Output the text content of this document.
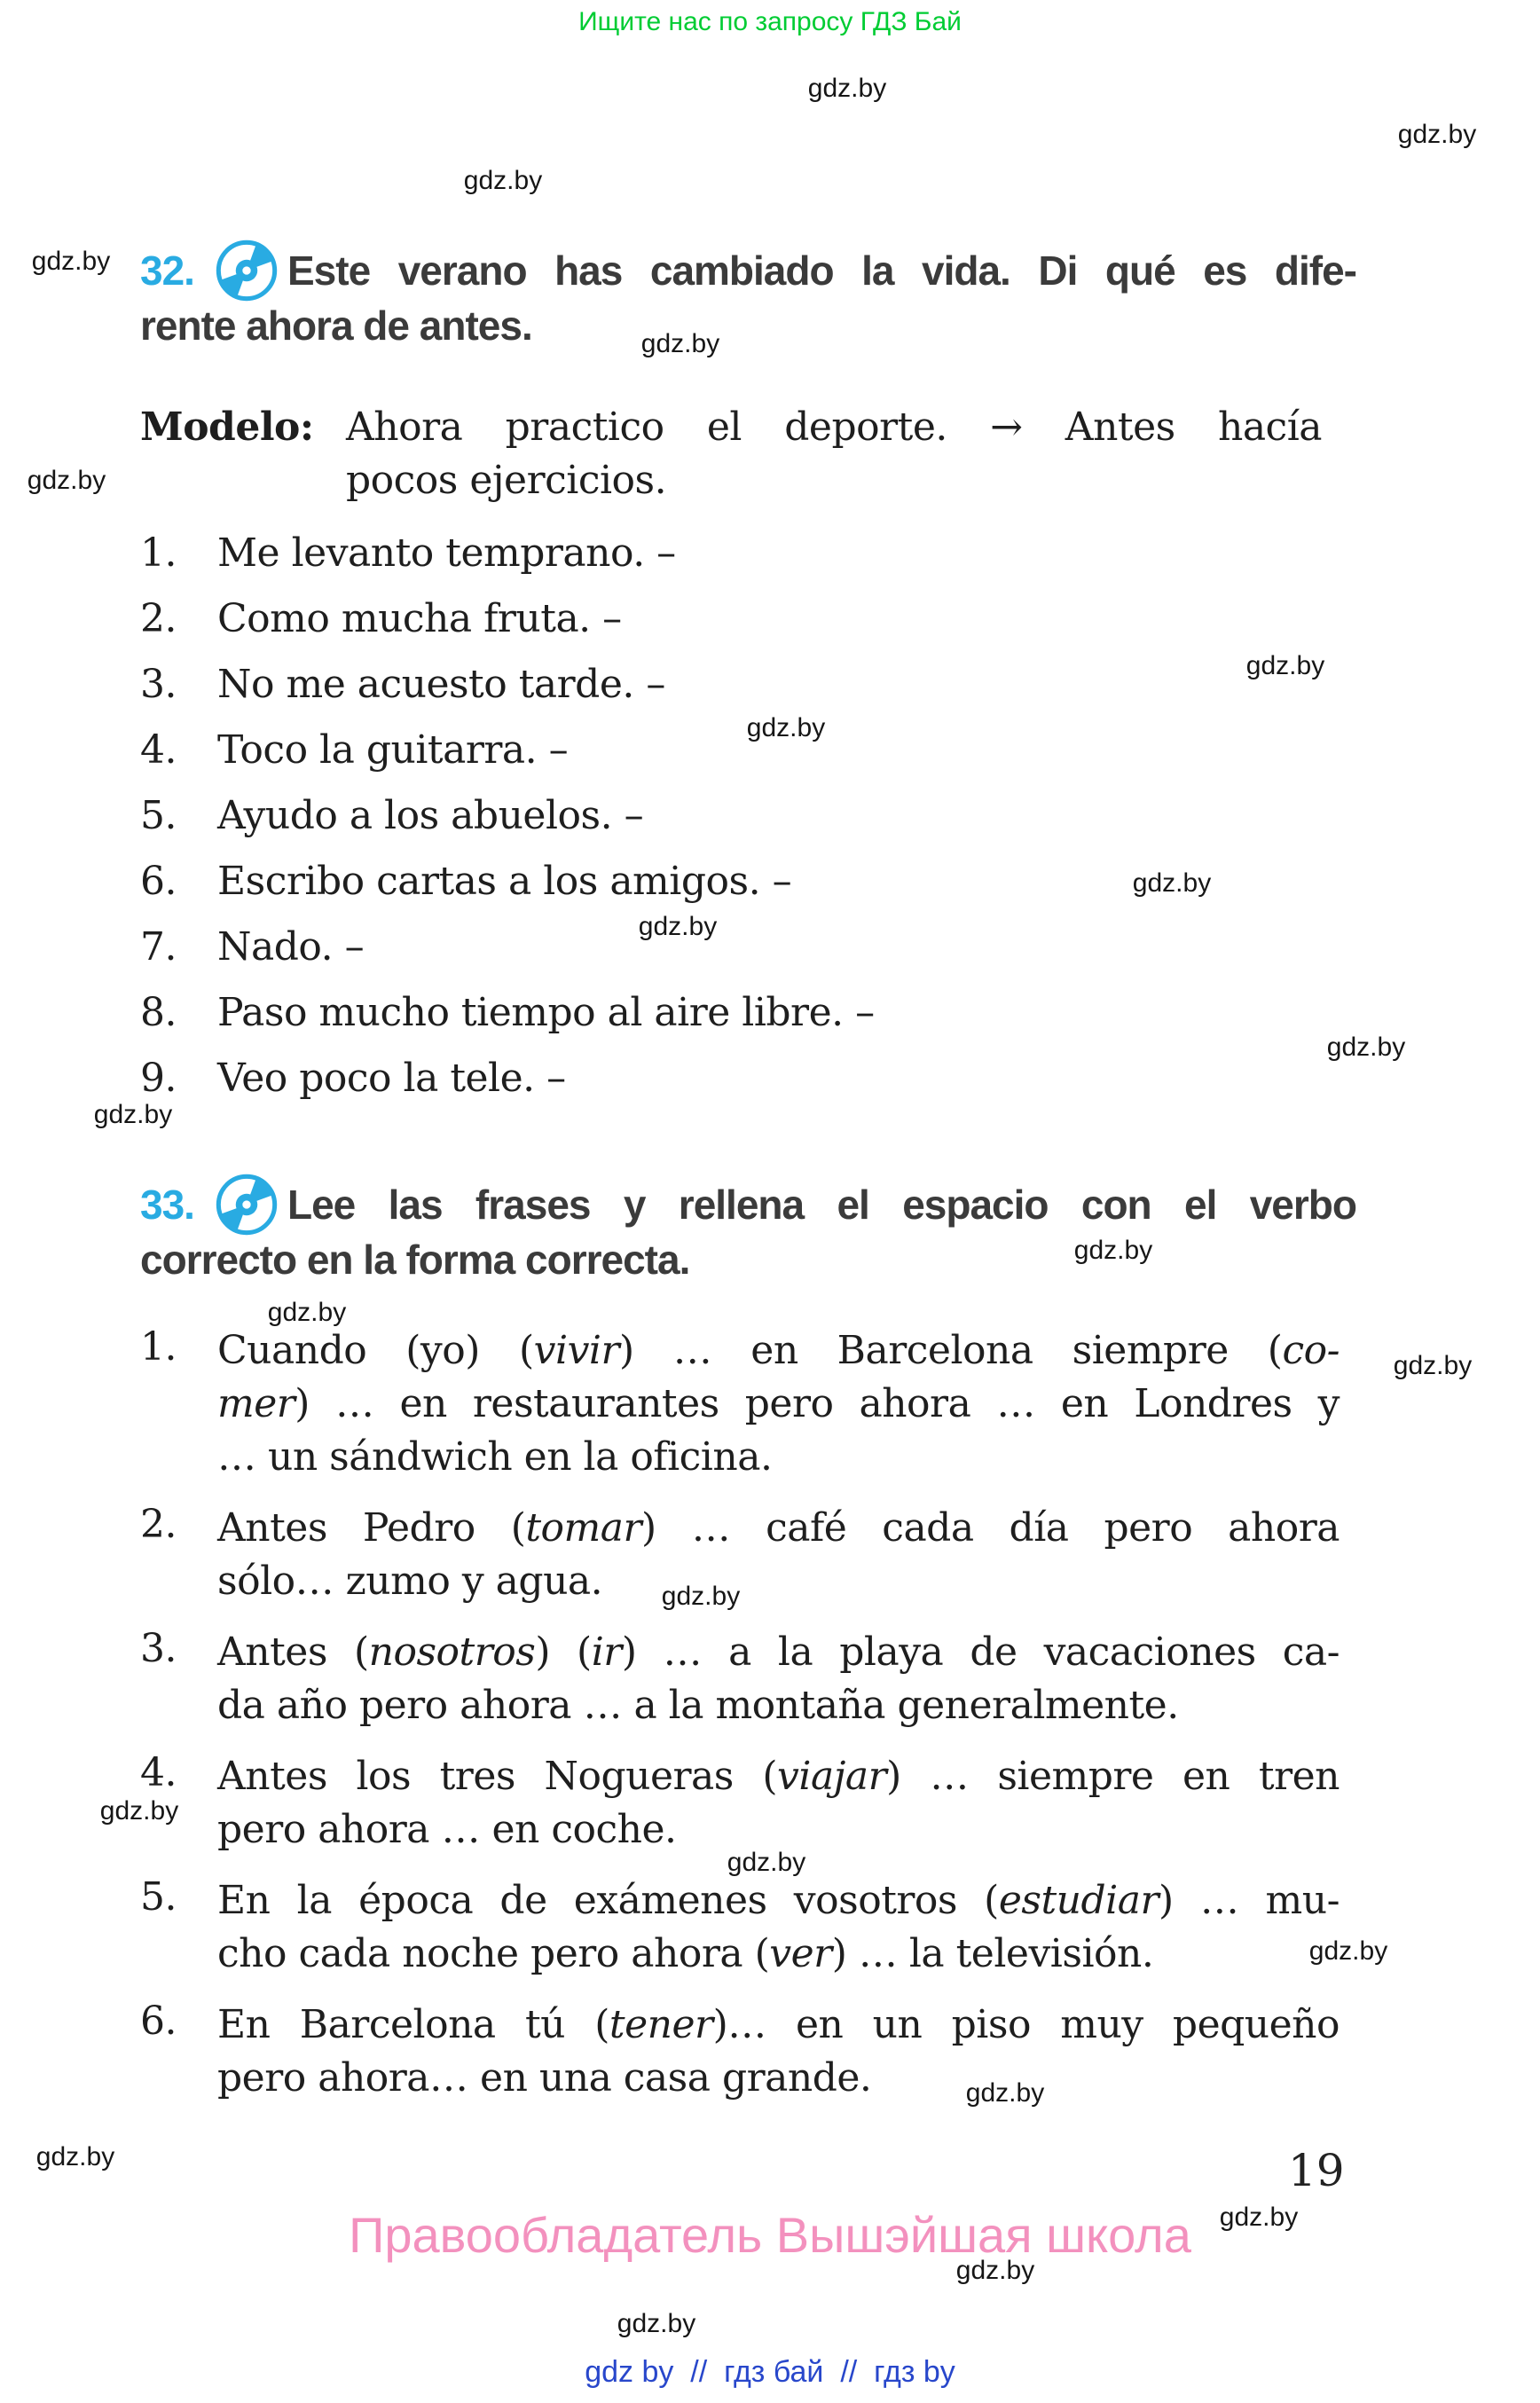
Ищите нас по запросу ГДЗ Бай
gdz.by
gdz.by
gdz.by
gdz.by
gdz.by
gdz.by
gdz.by
gdz.by
gdz.by
gdz.by
gdz.by
gdz.by
gdz.by
gdz.by
gdz.by
gdz.by
gdz.by
gdz.by
gdz.by
gdz.by
gdz.by
gdz.by
gdz.by
gdz.by
32.	Este verano has cambiado la vida. Di qué es dife-
rente ahora de antes.
Modelo: Ahora practico el deporte. → Antes hacía
pocos ejercicios.
1.	Me levanto temprano. –
2.	Como mucha fruta. –
3.	No me acuesto tarde. –
4.	Toco la guitarra. –
5.	Ayudo a los abuelos. –
6.	Escribo cartas a los amigos. –
7.	Nado. –
8.	Paso mucho tiempo al aire libre. –
9.	Veo poco la tele. –
33.	Lee las frases y rellena el espacio con el verbo
correcto en la forma correcta.
1.	Cuando (yo) (vivir) … en Barcelona siempre (co-
mer) … en restaurantes pero ahora … en Londres y
… un sándwich en la oficina.
2.	Antes Pedro (tomar) … café cada día pero ahora
sólo… zumo y agua.
3.	Antes (nosotros) (ir) … a la playa de vacaciones ca-
da año pero ahora … a la montaña generalmente.
4.	Antes los tres Nogueras (viajar) … siempre en tren
pero ahora … en coche.
5.	En la época de exámenes vosotros (estudiar) … mu-
cho cada noche pero ahora (ver) … la televisión.
6.	En Barcelona tú (tener)… en un piso muy pequeño
pero ahora… en una casa grande.
19
Правообладатель Вышэйшая школа
gdz by  //  гдз бай  //  гдз by
